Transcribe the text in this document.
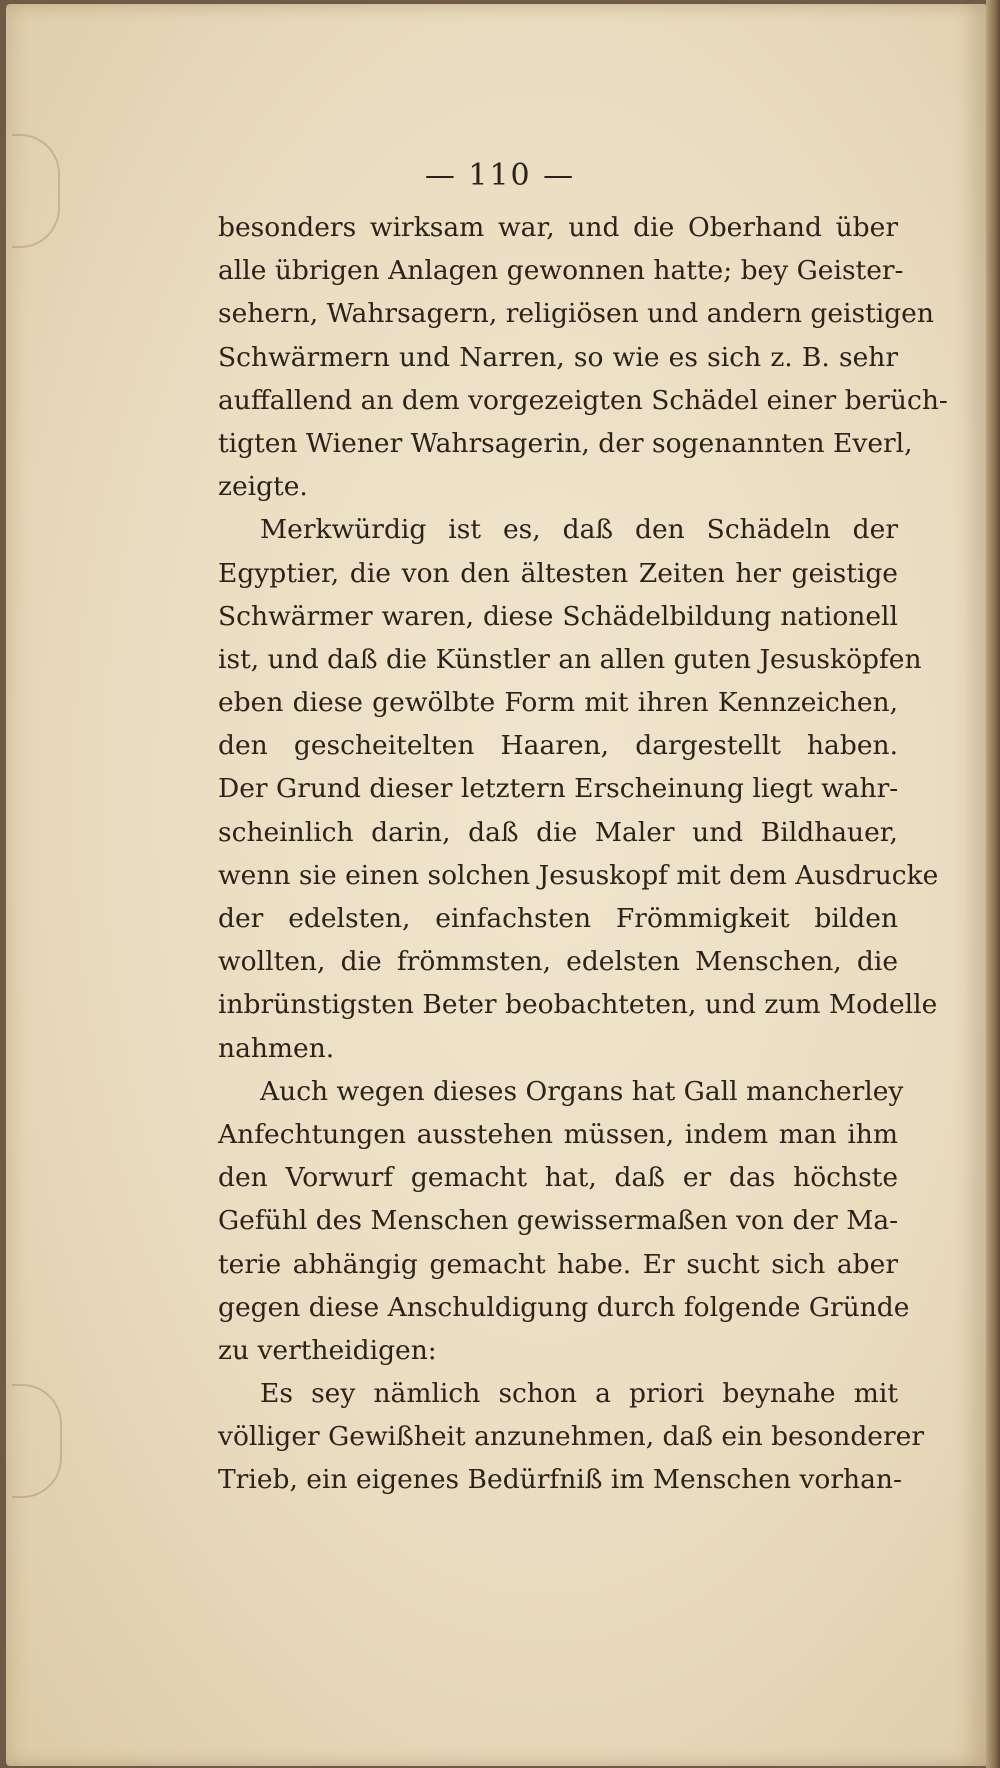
— 110 —
besonders wirksam war, und die Oberhand über
alle übrigen Anlagen gewonnen hatte; bey Geister-
sehern, Wahrsagern, religiösen und andern geistigen
Schwärmern und Narren, so wie es sich z. B. sehr
auffallend an dem vorgezeigten Schädel einer berüch-
tigten Wiener Wahrsagerin, der sogenannten Everl,
zeigte.
Merkwürdig ist es, daß den Schädeln der
Egyptier, die von den ältesten Zeiten her geistige
Schwärmer waren, diese Schädelbildung nationell
ist, und daß die Künstler an allen guten Jesusköpfen
eben diese gewölbte Form mit ihren Kennzeichen,
den gescheitelten Haaren, dargestellt haben.
Der Grund dieser letztern Erscheinung liegt wahr-
scheinlich darin, daß die Maler und Bildhauer,
wenn sie einen solchen Jesuskopf mit dem Ausdrucke
der edelsten, einfachsten Frömmigkeit bilden
wollten, die frömmsten, edelsten Menschen, die
inbrünstigsten Beter beobachteten, und zum Modelle
nahmen.
Auch wegen dieses Organs hat Gall mancherley
Anfechtungen ausstehen müssen, indem man ihm
den Vorwurf gemacht hat, daß er das höchste
Gefühl des Menschen gewissermaßen von der Ma-
terie abhängig gemacht habe. Er sucht sich aber
gegen diese Anschuldigung durch folgende Gründe
zu vertheidigen:
Es sey nämlich schon a priori beynahe mit
völliger Gewißheit anzunehmen, daß ein besonderer
Trieb, ein eigenes Bedürfniß im Menschen vorhan-
